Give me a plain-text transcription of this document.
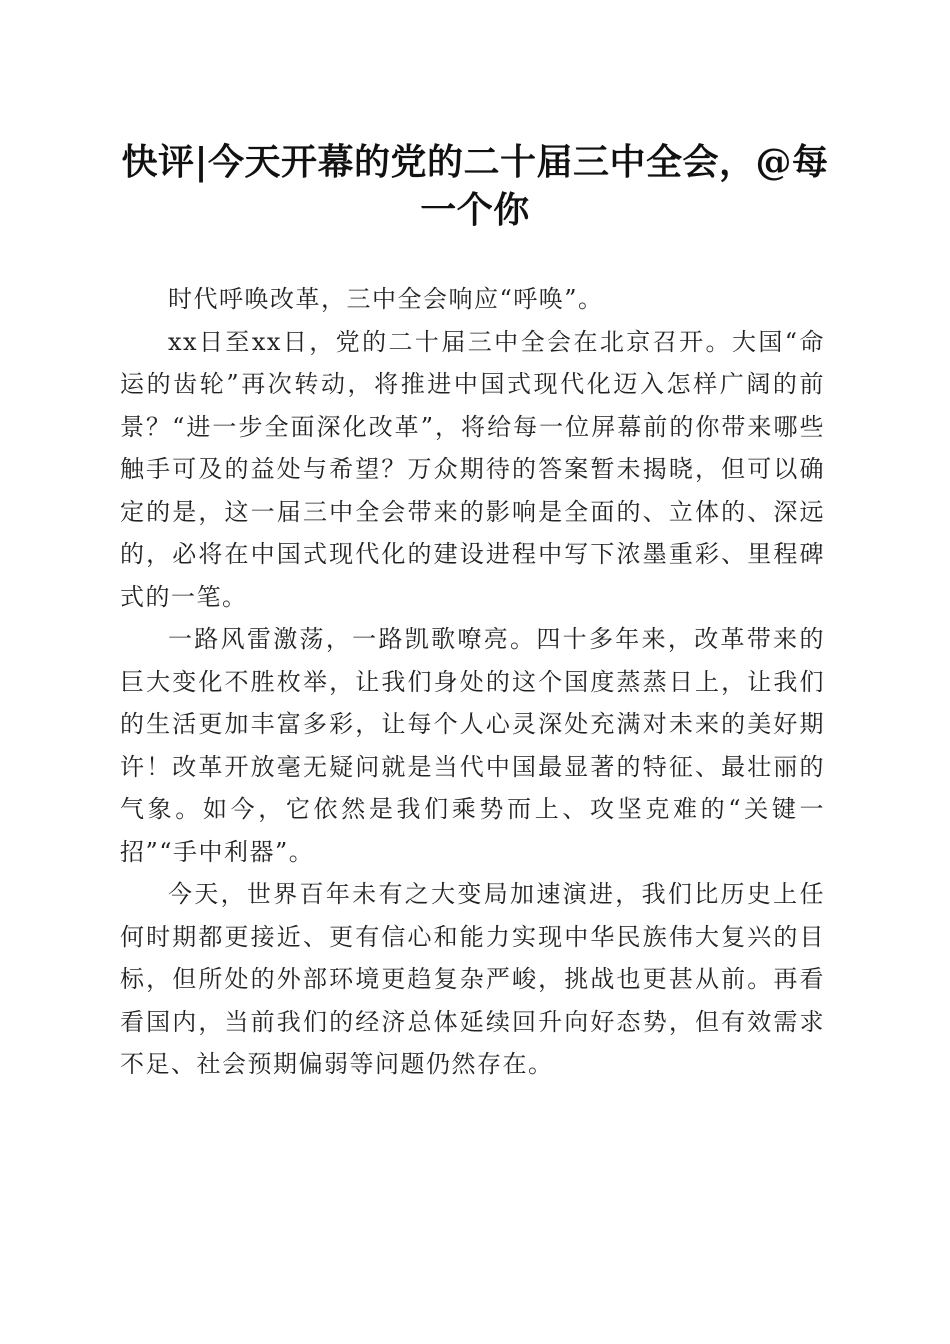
快评|今天开幕的党的二十届三中全会，@每一个你

时代呼唤改革，三中全会响应“呼唤”。

xx日至xx日，党的二十届三中全会在北京召开。大国“命运的齿轮”再次转动，将推进中国式现代化迈入怎样广阔的前景？“进一步全面深化改革”，将给每一位屏幕前的你带来哪些触手可及的益处与希望？万众期待的答案暂未揭晓，但可以确定的是，这一届三中全会带来的影响是全面的、立体的、深远的，必将在中国式现代化的建设进程中写下浓墨重彩、里程碑式的一笔。

一路风雷激荡，一路凯歌嘹亮。四十多年来，改革带来的巨大变化不胜枚举，让我们身处的这个国度蒸蒸日上，让我们的生活更加丰富多彩，让每个人心灵深处充满对未来的美好期许！改革开放毫无疑问就是当代中国最显著的特征、最壮丽的气象。如今，它依然是我们乘势而上、攻坚克难的“关键一招”“手中利器”。

今天，世界百年未有之大变局加速演进，我们比历史上任何时期都更接近、更有信心和能力实现中华民族伟大复兴的目标，但所处的外部环境更趋复杂严峻，挑战也更甚从前。再看看国内，当前我们的经济总体延续回升向好态势，但有效需求不足、社会预期偏弱等问题仍然存在。
